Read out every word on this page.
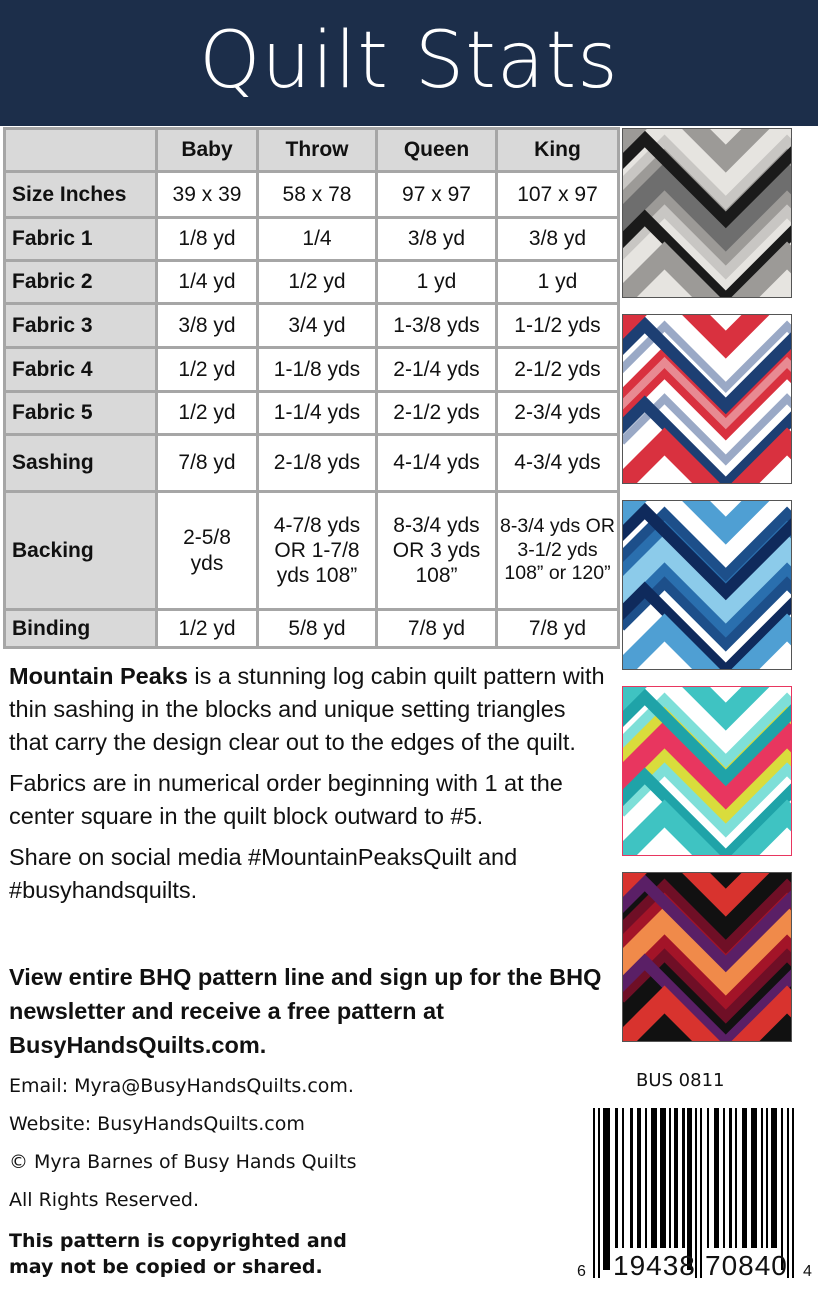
Quilt Stats
	Baby	Throw	Queen	King
Size Inches	39 x 39	58 x 78	97 x 97	107 x 97
Fabric 1	1/8 yd	1/4	3/8 yd	3/8 yd
Fabric 2	1/4 yd	1/2 yd	1 yd	1 yd
Fabric 3	3/8 yd	3/4 yd	1-3/8 yds	1-1/2 yds
Fabric 4	1/2 yd	1-1/8 yds	2-1/4 yds	2-1/2 yds
Fabric 5	1/2 yd	1-1/4 yds	2-1/2 yds	2-3/4 yds
Sashing	7/8 yd	2-1/8 yds	4-1/4 yds	4-3/4 yds
Backing	2-5/8 yds	4-7/8 yds OR 1-7/8 yds 108”	8-3/4 yds OR 3 yds 108”	8-3/4 yds OR 3-1/2 yds 108” or 120”
Binding	1/2 yd	5/8 yd	7/8 yd	7/8 yd

Mountain Peaks is a stunning log cabin quilt pattern with thin sashing in the blocks and unique setting triangles that carry the design clear out to the edges of the quilt.

Fabrics are in numerical order beginning with 1 at the center square in the quilt block outward to #5.

Share on social media #MountainPeaksQuilt and #busyhandsquilts.

View entire BHQ pattern line and sign up for the BHQ newsletter and receive a free pattern at BusyHandsQuilts.com.
Email: Myra@BusyHandsQuilts.com.
Website: BusyHandsQuilts.com
© Myra Barnes of Busy Hands Quilts
All Rights Reserved.
This pattern is copyrighted and may not be copied or shared.
BUS 0811
6 19438 70840 4
